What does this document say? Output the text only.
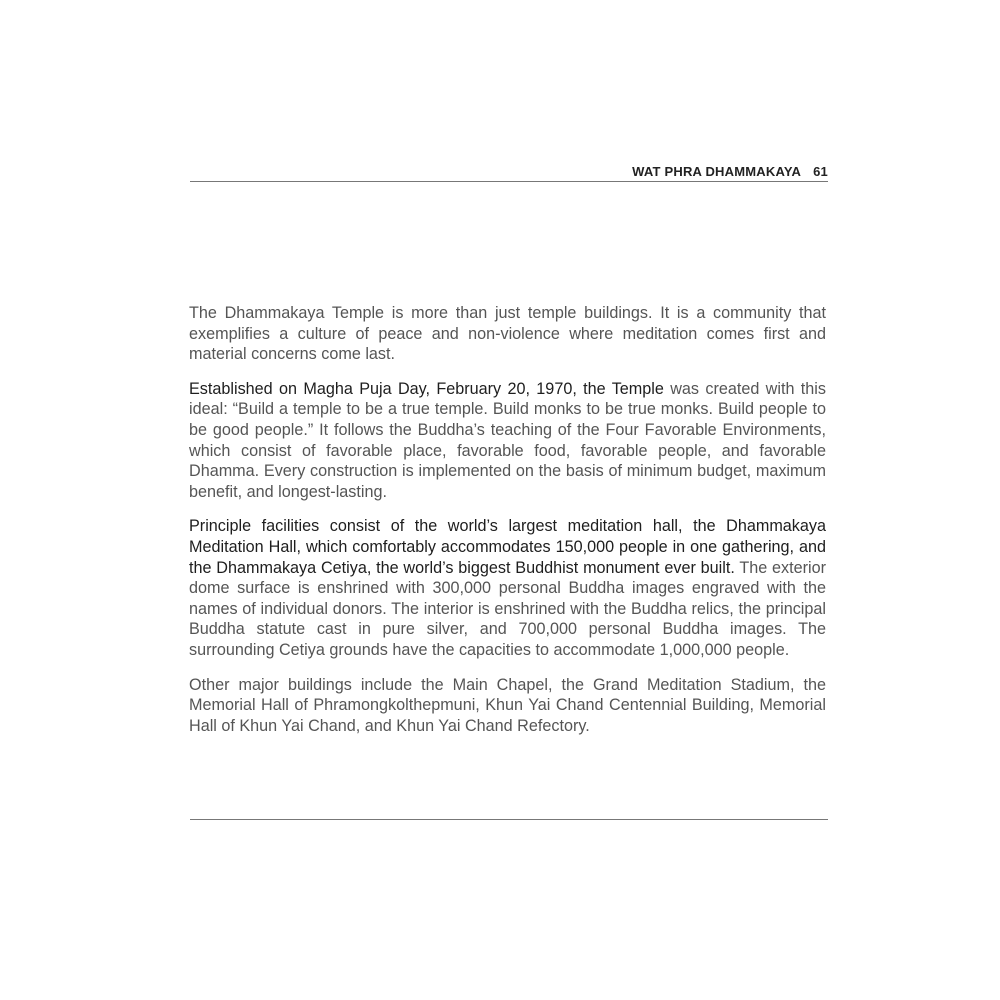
WAT PHRA DHAMMAKAYA 61

The Dhammakaya Temple is more than just temple buildings. It is a community that exemplifies a culture of peace and non-violence where meditation comes first and material concerns come last.

Established on Magha Puja Day, February 20, 1970, the Temple was created with this ideal: “Build a temple to be a true temple. Build monks to be true monks. Build people to be good people.” It follows the Buddha’s teaching of the Four Favorable Environments, which consist of favorable place, favorable food, favorable people, and favorable Dhamma. Every construction is implemented on the basis of minimum budget, maximum benefit, and longest-lasting.

Principle facilities consist of the world’s largest meditation hall, the Dhammakaya Meditation Hall, which comfortably accommodates 150,000 people in one gathering, and the Dhammakaya Cetiya, the world’s biggest Buddhist monument ever built. The exterior dome surface is enshrined with 300,000 personal Buddha images engraved with the names of individual donors. The interior is enshrined with the Buddha relics, the principal Buddha statute cast in pure silver, and 700,000 personal Buddha images. The surrounding Cetiya grounds have the capacities to accommodate 1,000,000 people.

Other major buildings include the Main Chapel, the Grand Meditation Stadium, the Memorial Hall of Phramongkolthepmuni, Khun Yai Chand Centennial Building, Memorial Hall of Khun Yai Chand, and Khun Yai Chand Refectory.
